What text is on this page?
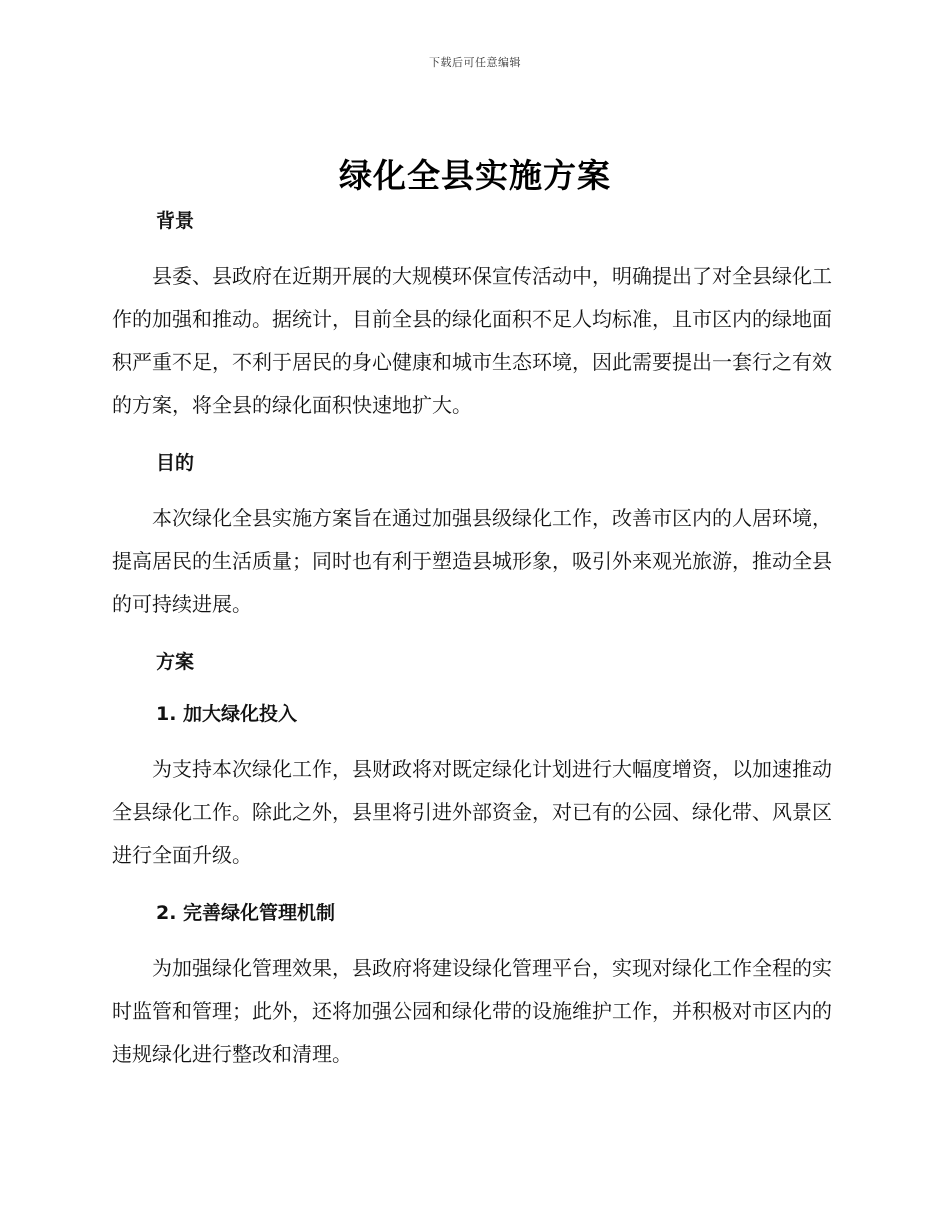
下载后可任意编辑
绿化全县实施方案
背景

县委、县政府在近期开展的大规模环保宣传活动中，明确提出了对全县绿化工作的加强和推动。据统计，目前全县的绿化面积不足人均标准，且市区内的绿地面积严重不足，不利于居民的身心健康和城市生态环境，因此需要提出一套行之有效的方案，将全县的绿化面积快速地扩大。

目的

本次绿化全县实施方案旨在通过加强县级绿化工作，改善市区内的人居环境，提高居民的生活质量；同时也有利于塑造县城形象，吸引外来观光旅游，推动全县的可持续进展。

方案
1. 加大绿化投入

为支持本次绿化工作，县财政将对既定绿化计划进行大幅度增资，以加速推动全县绿化工作。除此之外，县里将引进外部资金，对已有的公园、绿化带、风景区进行全面升级。

2. 完善绿化管理机制

为加强绿化管理效果，县政府将建设绿化管理平台，实现对绿化工作全程的实时监管和管理；此外，还将加强公园和绿化带的设施维护工作，并积极对市区内的违规绿化进行整改和清理。
